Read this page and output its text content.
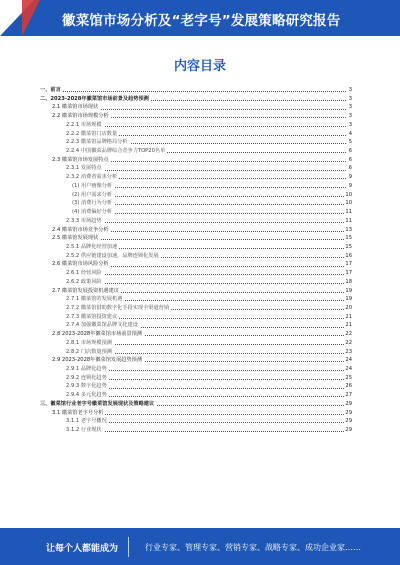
徽菜馆市场分析及“老字号”发展策略研究报告
内容目录
一、前言	3
二、2023-2028年徽菜馆市场前景及趋势预测	3
2.1 徽菜馆市场现状	3
2.2 徽菜馆市场规模分析	3
2.2.1 市场规模	3
2.2.2 徽菜馆门店数量	4
2.2.3 徽菜馆品牌格局分析	5
2.2.4 中国徽菜品牌综合竞争力TOP20名单	6
2.3 徽菜馆市场发展特点	6
2.3.1 发展特点	6
2.3.2 消费者需求分析	9
(1) 用户画像分析	9
(2) 用户需求分析	10
(3) 消费行为分析	10
(4) 消费偏好分析	11
2.3.3 市场趋势	11
2.4 徽菜馆市场竞争分析	13
2.5 徽菜馆发展现状	15
2.5.1 品牌化经营加速	15
2.5.2 供应链建设加速，品牌连锁化发展	16
2.6 徽菜馆市场风险分析	17
2.6.1 经营风险	17
2.6.2 政策风险	18
2.7 徽菜馆发展投资机遇建议	19
2.7.1 徽菜馆的发展机遇	19
2.7.2 徽菜馆借助数字化手段实现全渠道营销	20
2.7.3 徽菜馆投资建议	21
2.7.4 加强徽菜馆品牌文化建设	21
2.8 2023-2028年徽菜馆市场前景预测	22
2.8.1 市场规模预测	22
2.8.2 门店数量预测	23
2.9 2023-2028年徽菜馆发展趋势预测	24
2.9.1 品牌化趋势	24
2.9.2 连锁化趋势	25
2.9.3 数字化趋势	26
2.9.4 多元化趋势	27
三、徽菜馆行业老字号徽菜馆发展现状及策略建议	29
3.1 徽菜馆老字号分析	29
3.1.1 老字号概况	29
3.1.2 行业现状	29
让每个人都能成为	行业专家、管理专家、营销专家、战略专家、成功企业家……
